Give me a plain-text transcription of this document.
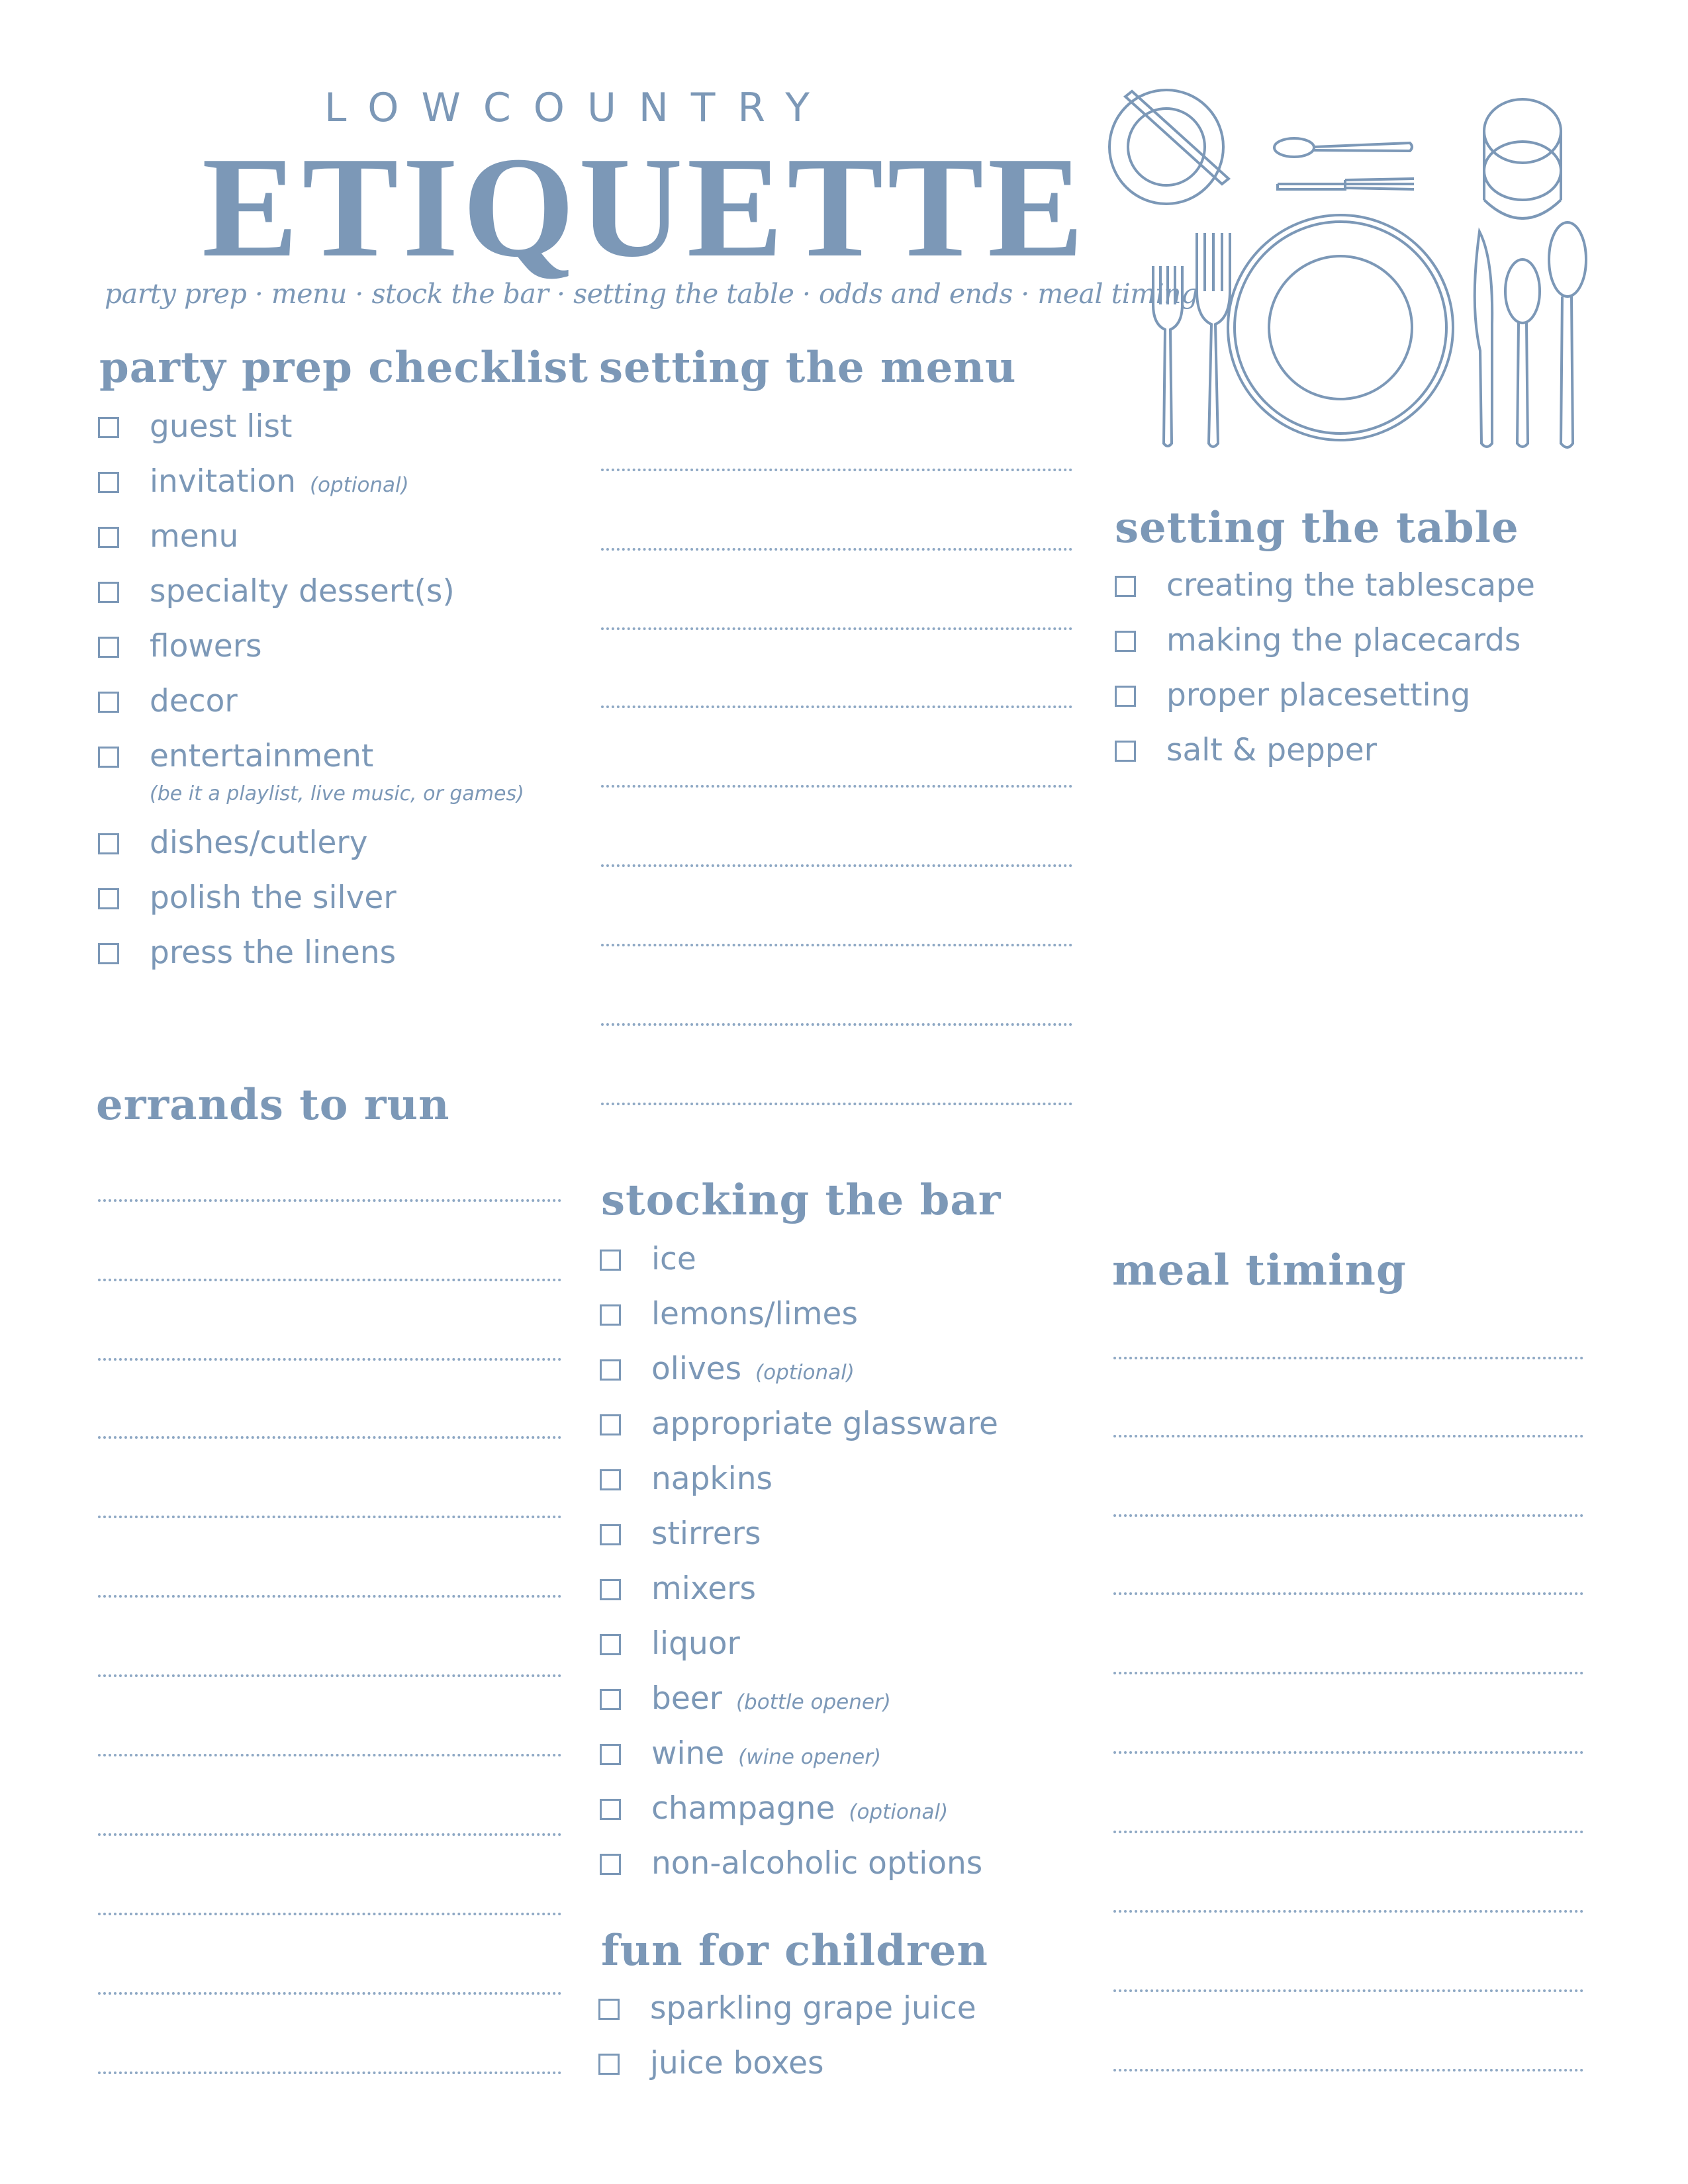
LOWCOUNTRY
ETIQUETTE
party prep · menu · stock the bar · setting the table · odds and ends · meal timing
party prep checklist
guest list
invitation (optional)
menu
specialty dessert(s)
flowers
decor
entertainment
(be it a playlist, live music, or games)
dishes/cutlery
polish the silver
press the linens
errands to run
setting the menu
setting the table
creating the tablescape
making the placecards
proper placesetting
salt & pepper
stocking the bar
ice
lemons/limes
olives (optional)
appropriate glassware
napkins
stirrers
mixers
liquor
beer (bottle opener)
wine (wine opener)
champagne (optional)
non-alcoholic options
fun for children
sparkling grape juice
juice boxes
meal timing
